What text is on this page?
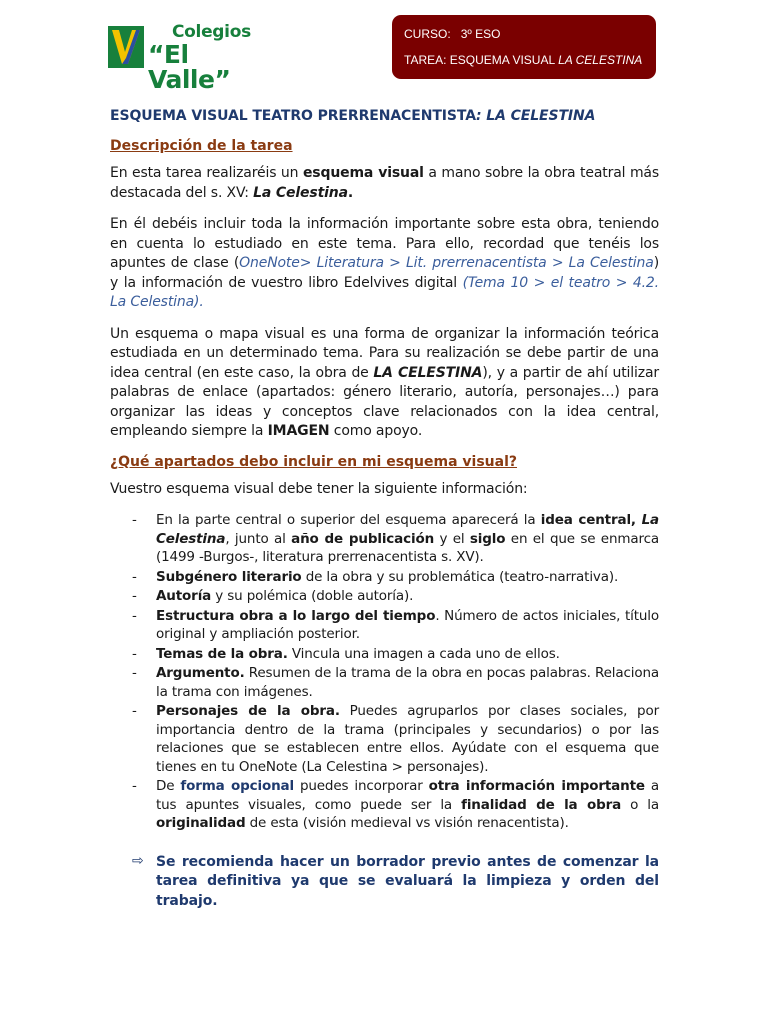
Colegios
“El Valle”
CURSO: 3º ESO
TAREA: ESQUEMA VISUAL LA CELESTINA
ESQUEMA VISUAL TEATRO PRERRENACENTISTA: LA CELESTINA
Descripción de la tarea

En esta tarea realizaréis un esquema visual a mano sobre la obra teatral más destacada del s. XV: La Celestina.

En él debéis incluir toda la información importante sobre esta obra, teniendo en cuenta lo estudiado en este tema. Para ello, recordad que tenéis los apuntes de clase (OneNote> Literatura > Lit. prerrenacentista > La Celestina) y la información de vuestro libro Edelvives digital (Tema 10 > el teatro > 4.2. La Celestina).

Un esquema o mapa visual es una forma de organizar la información teórica estudiada en un determinado tema. Para su realización se debe partir de una idea central (en este caso, la obra de LA CELESTINA), y a partir de ahí utilizar palabras de enlace (apartados: género literario, autoría, personajes…) para organizar las ideas y conceptos clave relacionados con la idea central, empleando siempre la IMAGEN como apoyo.

¿Qué apartados debo incluir en mi esquema visual?

Vuestro esquema visual debe tener la siguiente información:

- En la parte central o superior del esquema aparecerá la idea central, La Celestina, junto al año de publicación y el siglo en el que se enmarca (1499 -Burgos-, literatura prerrenacentista s. XV).
- Subgénero literario de la obra y su problemática (teatro-narrativa).
- Autoría y su polémica (doble autoría).
- Estructura obra a lo largo del tiempo. Número de actos iniciales, título original y ampliación posterior.
- Temas de la obra. Vincula una imagen a cada uno de ellos.
- Argumento. Resumen de la trama de la obra en pocas palabras. Relaciona la trama con imágenes.
- Personajes de la obra. Puedes agruparlos por clases sociales, por importancia dentro de la trama (principales y secundarios) o por las relaciones que se establecen entre ellos. Ayúdate con el esquema que tienes en tu OneNote (La Celestina > personajes).
- De forma opcional puedes incorporar otra información importante a tus apuntes visuales, como puede ser la finalidad de la obra o la originalidad de esta (visión medieval vs visión renacentista).
⇨ Se recomienda hacer un borrador previo antes de comenzar la tarea definitiva ya que se evaluará la limpieza y orden del trabajo.
